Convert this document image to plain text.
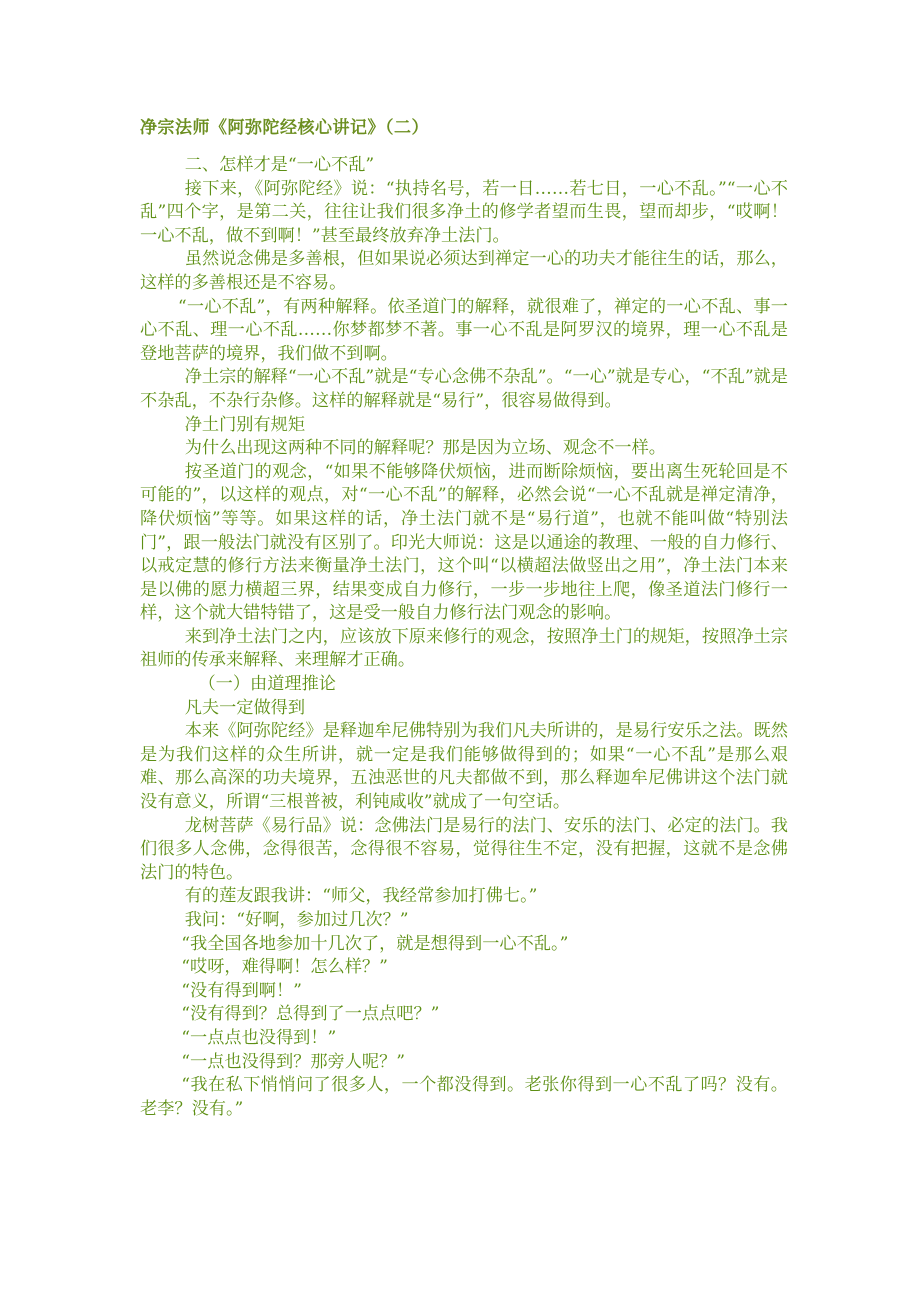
净宗法师《阿弥陀经核心讲记》（二）

二、怎样才是“一心不乱”

接下来，《阿弥陀经》说：“执持名号，若一日……若七日，一心不乱。”“一心不乱”四个字，是第二关，往往让我们很多净土的修学者望而生畏，望而却步，“哎啊！一心不乱，做不到啊！”甚至最终放弃净土法门。

虽然说念佛是多善根，但如果说必须达到禅定一心的功夫才能往生的话，那么，这样的多善根还是不容易。

“一心不乱”，有两种解释。依圣道门的解释，就很难了，禅定的一心不乱、事一心不乱、理一心不乱……你梦都梦不著。事一心不乱是阿罗汉的境界，理一心不乱是登地菩萨的境界，我们做不到啊。

净土宗的解释“一心不乱”就是“专心念佛不杂乱”。“一心”就是专心，“不乱”就是不杂乱，不杂行杂修。这样的解释就是“易行”，很容易做得到。

净土门别有规矩

为什么出现这两种不同的解释呢？那是因为立场、观念不一样。

按圣道门的观念，“如果不能够降伏烦恼，进而断除烦恼，要出离生死轮回是不可能的”，以这样的观点，对“一心不乱”的解释，必然会说“一心不乱就是禅定清净，降伏烦恼”等等。如果这样的话，净土法门就不是“易行道”，也就不能叫做“特别法门”，跟一般法门就没有区别了。印光大师说：这是以通途的教理、一般的自力修行、以戒定慧的修行方法来衡量净土法门，这个叫“以横超法做竖出之用”，净土法门本来是以佛的愿力横超三界，结果变成自力修行，一步一步地往上爬，像圣道法门修行一样，这个就大错特错了，这是受一般自力修行法门观念的影响。

来到净土法门之内，应该放下原来修行的观念，按照净土门的规矩，按照净土宗祖师的传承来解释、来理解才正确。

（一）由道理推论

凡夫一定做得到

本来《阿弥陀经》是释迦牟尼佛特别为我们凡夫所讲的，是易行安乐之法。既然是为我们这样的众生所讲，就一定是我们能够做得到的；如果“一心不乱”是那么艰难、那么高深的功夫境界，五浊恶世的凡夫都做不到，那么释迦牟尼佛讲这个法门就没有意义，所谓“三根普被，利钝咸收”就成了一句空话。

龙树菩萨《易行品》说：念佛法门是易行的法门、安乐的法门、必定的法门。我们很多人念佛，念得很苦，念得很不容易，觉得往生不定，没有把握，这就不是念佛法门的特色。

有的莲友跟我讲：“师父，我经常参加打佛七。”

我问：“好啊，参加过几次？”

“我全国各地参加十几次了，就是想得到一心不乱。”

“哎呀，难得啊！怎么样？”

“没有得到啊！”

“没有得到？总得到了一点点吧？”

“一点点也没得到！”

“一点也没得到？那旁人呢？”

“我在私下悄悄问了很多人，一个都没得到。老张你得到一心不乱了吗？没有。老李？没有。”
